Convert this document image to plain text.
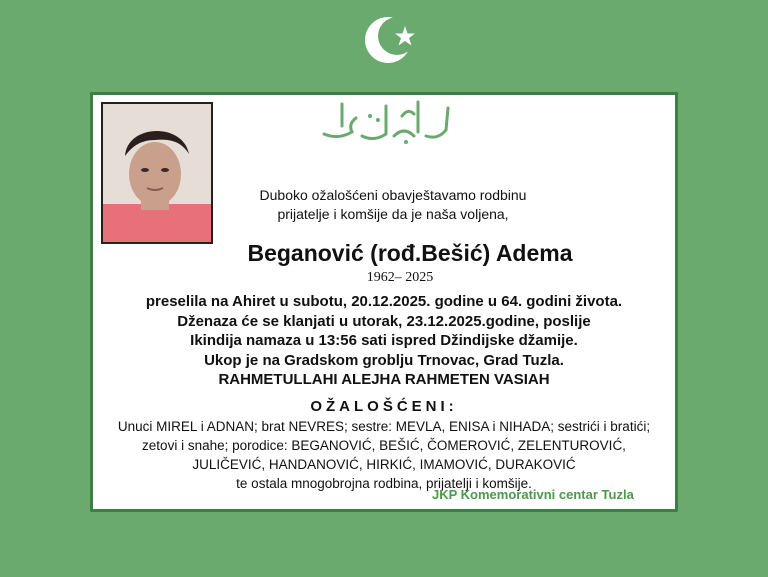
Duboko ožalošćeni obavještavamo rodbinu
prijatelje i komšije da je naša voljena,
Beganović (rođ.Bešić) Adema
1962– 2025
preselila na Ahiret u subotu, 20.12.2025. godine u 64. godini života.
Dženaza će se klanjati u utorak, 23.12.2025.godine, poslije
Ikindija namaza u 13:56 sati ispred Džindijske džamije.
Ukop je na Gradskom groblju Trnovac, Grad Tuzla.
RAHMETULLAHI ALEJHA RAHMETEN VASIAH
OŽALOŠĆENI:
Unuci MIREL i ADNAN; brat NEVRES; sestre: MEVLA, ENISA i NIHADA; sestrići i bratići;
zetovi i snahe; porodice: BEGANOVIĆ, BEŠIĆ, ČOMEROVIĆ, ZELENTUROVIĆ,
JULIČEVIĆ, HANDANOVIĆ, HIRKIĆ, IMAMOVIĆ, DURAKOVIĆ
te ostala mnogobrojna rodbina, prijatelji i komšije.
JKP Komemorativni centar Tuzla
